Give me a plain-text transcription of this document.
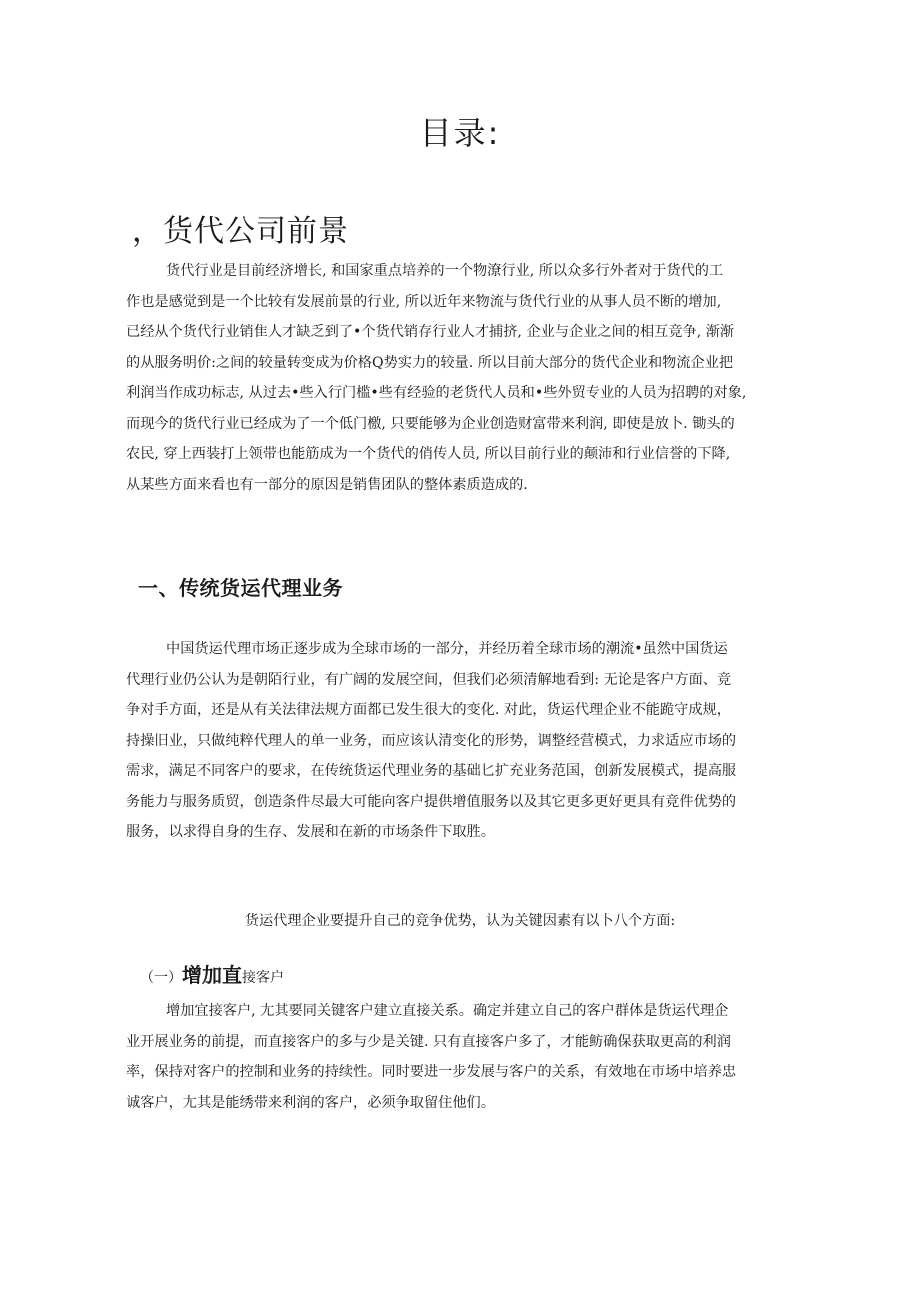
目录:
，货代公司前景
货代行业是目前经济增长, 和国家重点培养的一个物潦行业, 所以众多行外者对于货代的工
作也是感觉到是一个比较有发展前景的行业, 所以近年来物流与货代行业的从事人员不断的增加,
已经从个货代行业销隹人才缺乏到了•个货代销存行业人才捕挤, 企业与企业之间的相互竞争, 渐渐
的从服务明价:之间的较量转变成为价格Q势实力的较量. 所以目前大部分的货代企业和物流企业把
利润当作成功标志, 从过去•些入行门槛•些有经验的老货代人员和•些外贸专业的人员为招聘的对象,
而现今的货代行业已经成为了一个低门檄, 只要能够为企业创造财富带来利润, 即使是放卜. 锄头的
农民, 穿上西装打上领带也能筋成为一个货代的俏传人员, 所以目前行业的颠沛和行业信誉的下降,
从某些方面来看也有一部分的原因是销售团队的整体素质造成的.
一、传统货运代理业务
中国货运代理市场正逐步成为全球市场的一部分，并经历着全球市场的潮流•虽然中国货运
代理行业仍公认为是朝陌行业，有广阔的发展空间，但我们必须清解地看到: 无论是客户方面、竞
争对手方面，还是从有关法律法规方面都已发生很大的变化. 对此，货运代理企业不能跪守成规，
持操旧业，只做纯粹代理人的单一业务，而应该认清变化的形势，调整经营模式，力求适应市场的
需求，满足不同客户的要求，在传统货运代理业务的基础匕扩充业务范国，创新发展模式，提高服
务能力与服务质贸，创造条件尽最大可能向客户提供增值服务以及其它更多更好更具有竞件优势的
服务，以求得自身的生存、发展和在新的市场条件下取胜。
货运代理企业要提升自己的竞争优势，认为关键因素有以卜八个方面:
（一）增加直接客户
增加宜接客户, 尢其要同关键客户建立直接关系。确定并建立自己的客户群体是货运代理企
业开展业务的前提，而直接客户的多与少是关键. 只有直接客户多了，才能鲂确保获取更高的利润
率，保持对客户的控制和业务的持续性。同时要进一步发展与客户的关系，有效地在市场中培养忠
诚客户，尢其是能绣带来利润的客户，必须争取留住他们。
